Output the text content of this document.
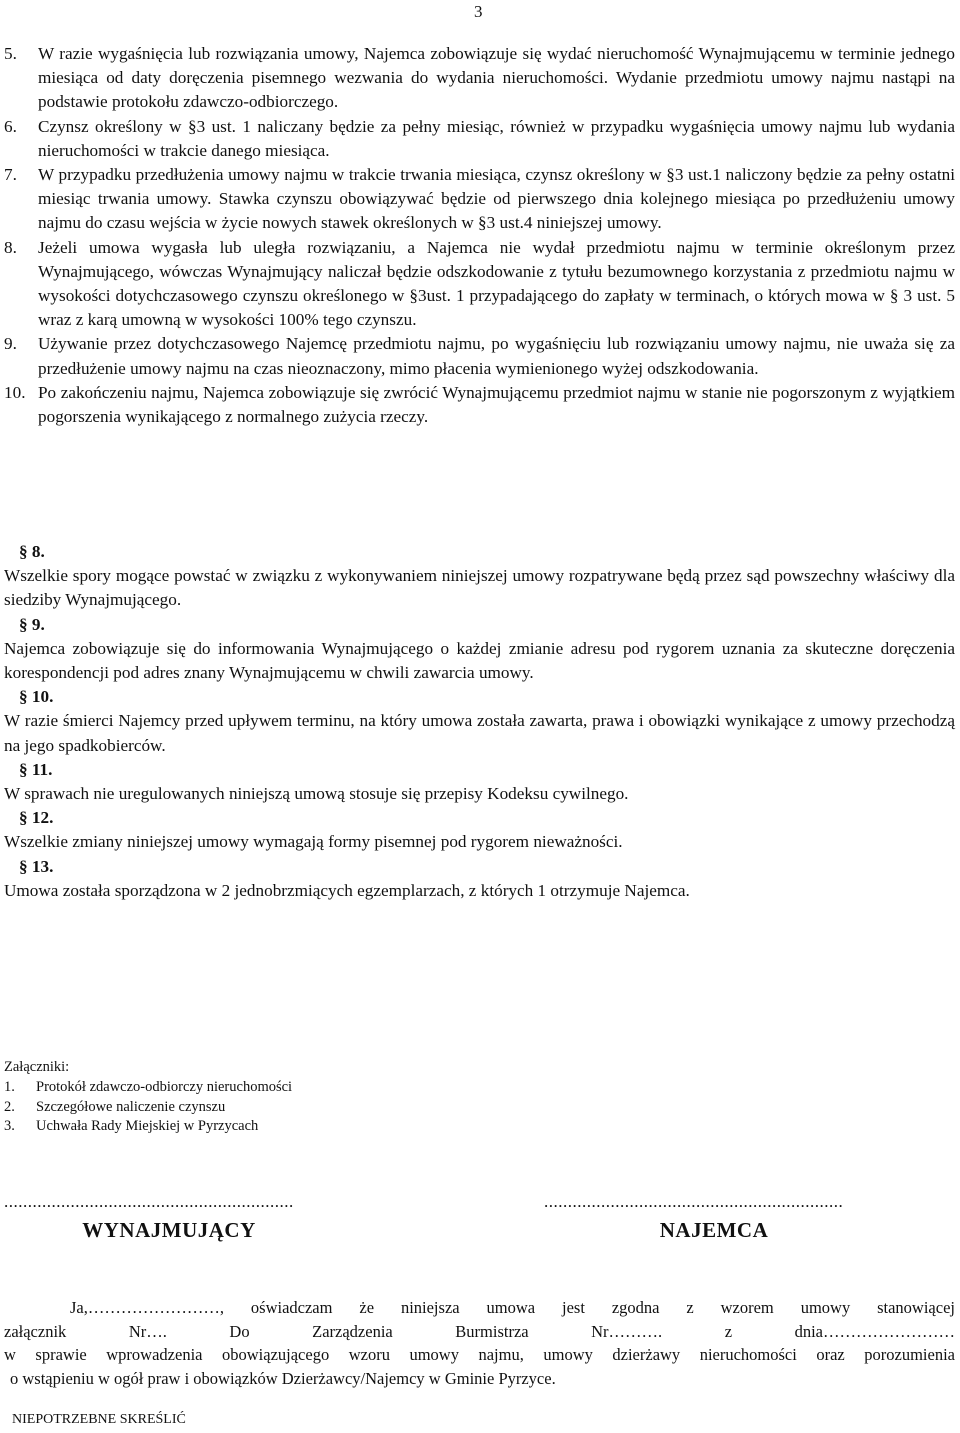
3
5.	W razie wygaśnięcia lub rozwiązania umowy, Najemca zobowiązuje się wydać nieruchomość Wynajmującemu w terminie jednego miesiąca od daty doręczenia pisemnego wezwania do wydania nieruchomości. Wydanie przedmiotu umowy najmu nastąpi na podstawie protokołu zdawczo-odbiorczego.
6.	Czynsz określony w §3 ust. 1 naliczany będzie za pełny miesiąc, również w przypadku wygaśnięcia umowy najmu lub wydania nieruchomości w trakcie danego miesiąca.
7.	W przypadku przedłużenia umowy najmu w trakcie trwania miesiąca, czynsz określony w §3 ust.1 naliczony będzie za pełny ostatni miesiąc trwania umowy. Stawka czynszu obowiązywać będzie od pierwszego dnia kolejnego miesiąca po przedłużeniu umowy najmu do czasu wejścia w życie nowych stawek określonych w §3 ust.4 niniejszej umowy.
8.	Jeżeli umowa wygasła lub uległa rozwiązaniu, a Najemca nie wydał przedmiotu najmu w terminie określonym przez Wynajmującego, wówczas Wynajmujący naliczał będzie odszkodowanie z tytułu bezumownego korzystania z przedmiotu najmu w wysokości dotychczasowego czynszu określonego w §3ust. 1 przypadającego do zapłaty w terminach, o których mowa w § 3 ust. 5 wraz z karą umowną w wysokości 100% tego czynszu.
9.	Używanie przez dotychczasowego Najemcę przedmiotu najmu, po wygaśnięciu lub rozwiązaniu umowy najmu, nie uważa się za przedłużenie umowy najmu na czas nieoznaczony, mimo płacenia wymienionego wyżej odszkodowania.
10. Po zakończeniu najmu, Najemca zobowiązuje się zwrócić Wynajmującemu przedmiot najmu w stanie nie pogorszonym z wyjątkiem pogorszenia wynikającego z normalnego zużycia rzeczy.
§ 8.
Wszelkie spory mogące powstać w związku z wykonywaniem niniejszej umowy rozpatrywane będą przez sąd powszechny właściwy dla siedziby Wynajmującego.
§ 9.
Najemca zobowiązuje się do informowania Wynajmującego o każdej zmianie adresu pod rygorem uznania za skuteczne doręczenia korespondencji pod adres znany Wynajmującemu w chwili zawarcia umowy.
§ 10.
W razie śmierci Najemcy przed upływem terminu, na który umowa została zawarta, prawa i obowiązki wynikające z umowy przechodzą na jego spadkobierców.
§ 11.
W sprawach nie uregulowanych niniejszą umową stosuje się przepisy Kodeksu cywilnego.
§ 12.
Wszelkie zmiany niniejszej umowy wymagają formy pisemnej pod rygorem nieważności.
§ 13.
Umowa została sporządzona w 2 jednobrzmiących egzemplarzach, z których 1 otrzymuje Najemca.
Załączniki:
1.	Protokół zdawczo-odbiorczy nieruchomości
2.	Szczegółowe naliczenie czynszu
3.	Uchwała Rady Miejskiej w Pyrzycach
.............................................................
WYNAJMUJĄCY
...............................................................
NAJEMCA
Ja,……………………, oświadczam że niniejsza umowa jest zgodna z wzorem umowy stanowiącej
załącznik Nr…. Do Zarządzenia Burmistrza Nr………. z dnia……………………
w sprawie wprowadzenia obowiązującego wzoru umowy najmu, umowy dzierżawy nieruchomości oraz porozumienia
o wstąpieniu w ogół praw i obowiązków Dzierżawcy/Najemcy w Gminie Pyrzyce.
NIEPOTRZEBNE SKREŚLIĆ
